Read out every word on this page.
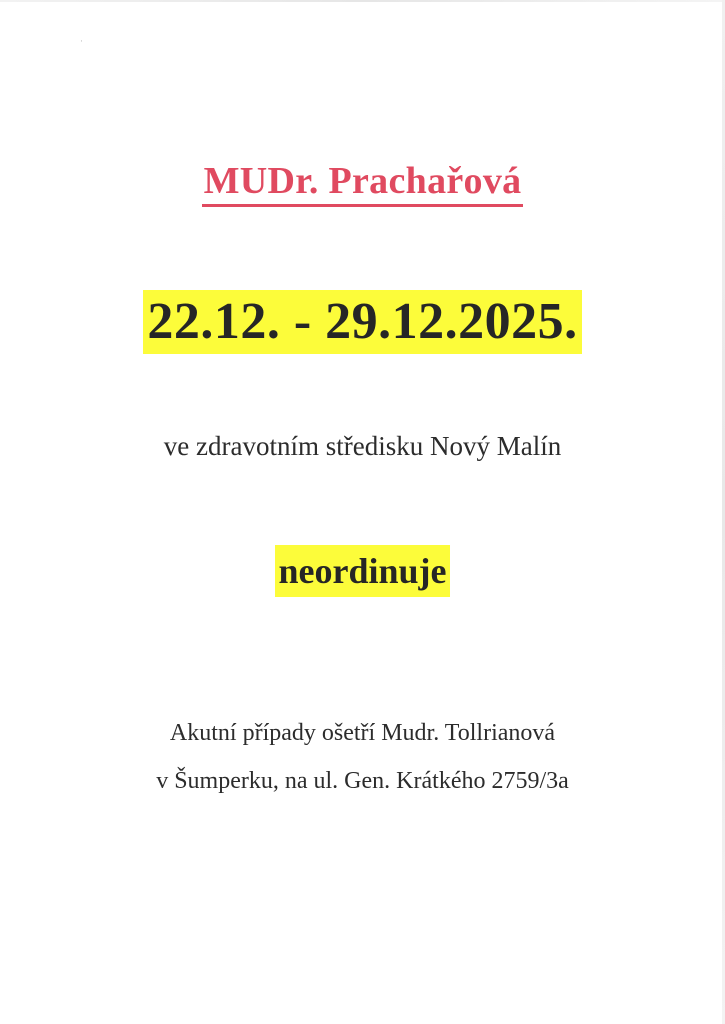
·
MUDr. Prachařová
22.12. - 29.12.2025.
ve zdravotním středisku Nový Malín
neordinuje
Akutní případy ošetří Mudr. Tollrianová
v Šumperku, na ul. Gen. Krátkého 2759/3a
